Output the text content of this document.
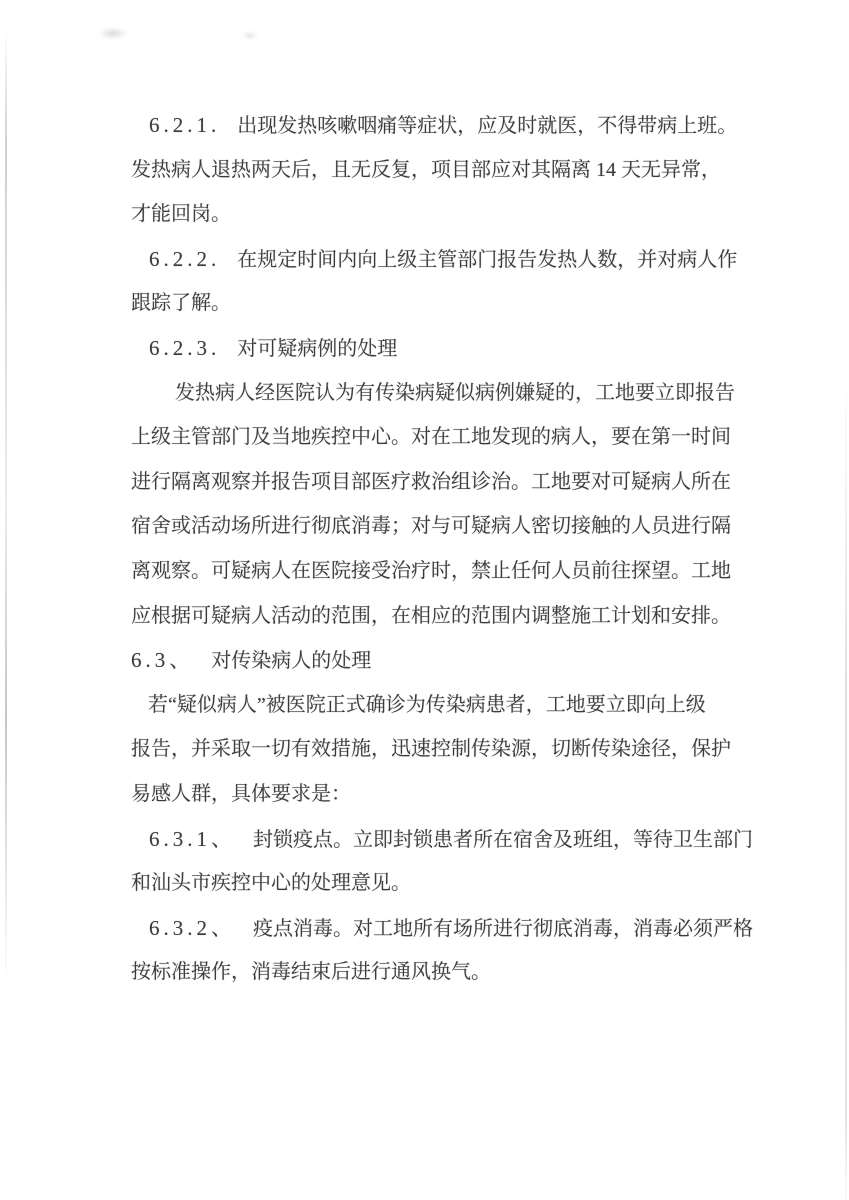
6.2.1. 出现发热咳嗽咽痛等症状，应及时就医，不得带病上班。
发热病人退热两天后，且无反复，项目部应对其隔离 14 天无异常，
才能回岗。
6.2.2. 在规定时间内向上级主管部门报告发热人数，并对病人作
跟踪了解。
6.2.3. 对可疑病例的处理
发热病人经医院认为有传染病疑似病例嫌疑的，工地要立即报告
上级主管部门及当地疾控中心。对在工地发现的病人，要在第一时间
进行隔离观察并报告项目部医疗救治组诊治。工地要对可疑病人所在
宿舍或活动场所进行彻底消毒；对与可疑病人密切接触的人员进行隔
离观察。可疑病人在医院接受治疗时，禁止任何人员前往探望。工地
应根据可疑病人活动的范围，在相应的范围内调整施工计划和安排。
6.3、 对传染病人的处理
若“疑似病人”被医院正式确诊为传染病患者，工地要立即向上级
报告，并采取一切有效措施，迅速控制传染源，切断传染途径，保护
易感人群，具体要求是：
6.3.1、 封锁疫点。立即封锁患者所在宿舍及班组，等待卫生部门
和汕头市疾控中心的处理意见。
6.3.2、 疫点消毒。对工地所有场所进行彻底消毒，消毒必须严格
按标准操作，消毒结束后进行通风换气。
